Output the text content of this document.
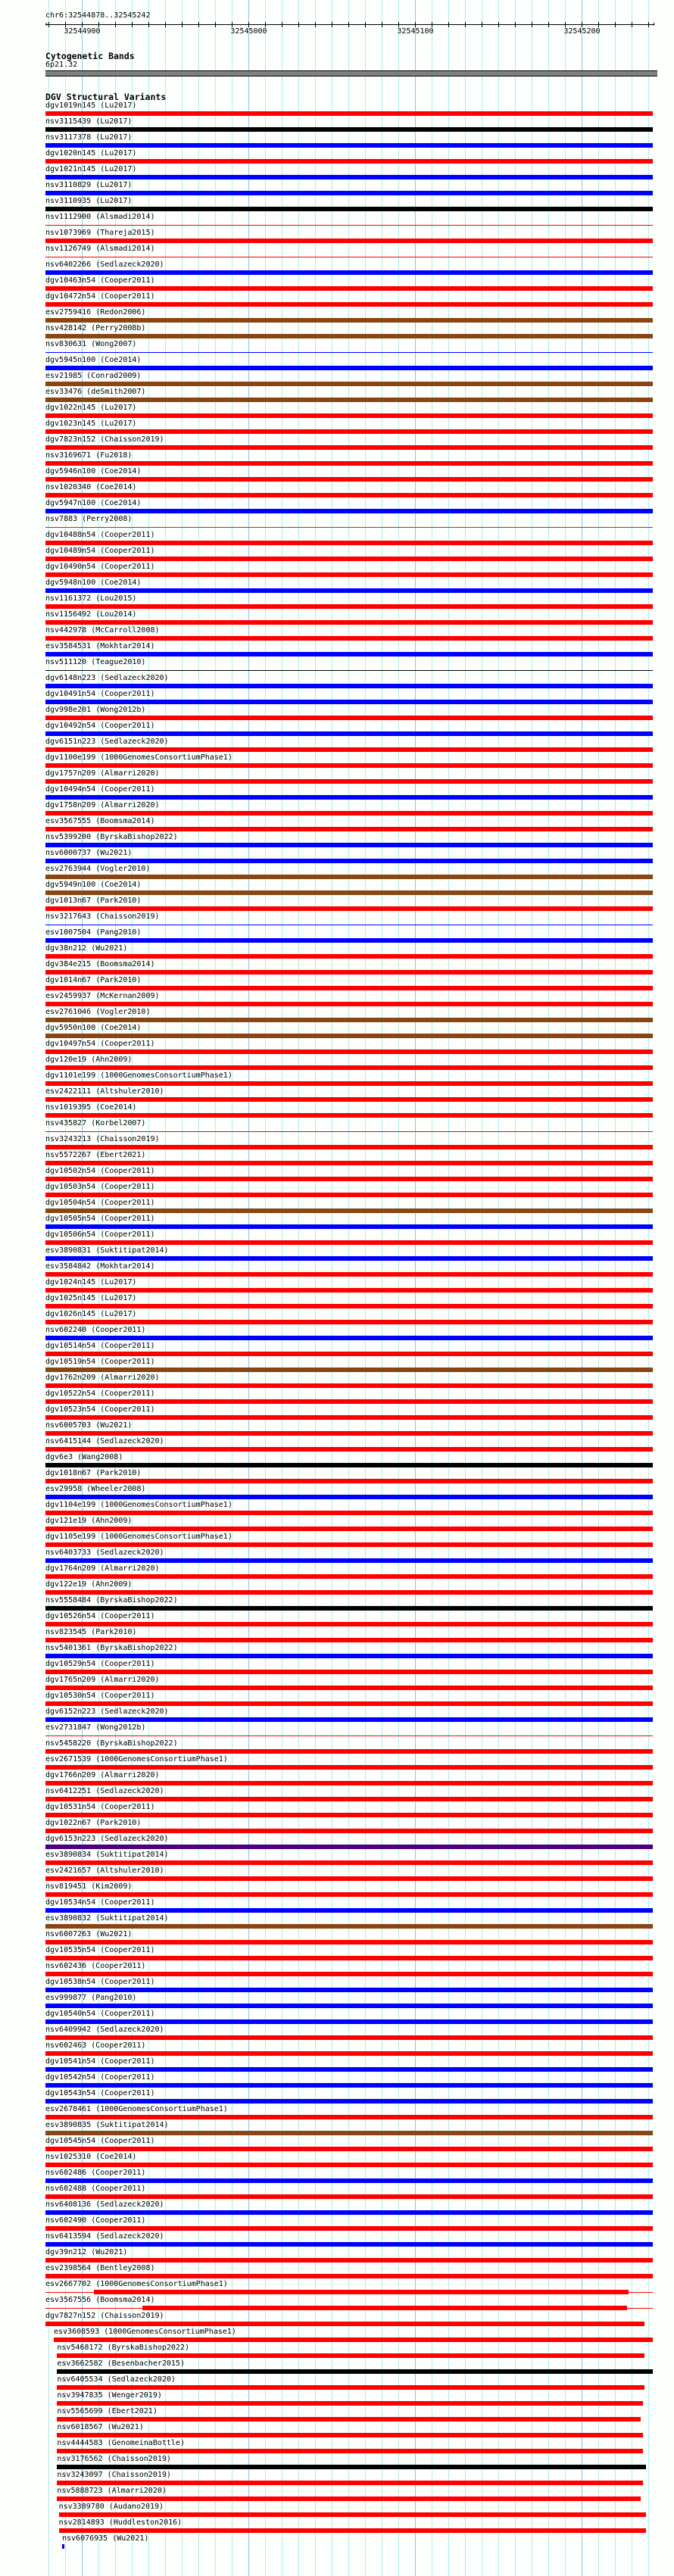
chr6:32544878..32545242
‹	›
32544900	32545000	32545100	32545200
Cytogenetic Bands
6p21.32
DGV Structural Variants
dgv1019n145 (Lu2017)
nsv3115439 (Lu2017)
nsv3117378 (Lu2017)
dgv1020n145 (Lu2017)
dgv1021n145 (Lu2017)
nsv3110829 (Lu2017)
nsv3110935 (Lu2017)
nsv1112900 (Alsmadi2014)
nsv1073969 (Thareja2015)
nsv1126749 (Alsmadi2014)
nsv6402266 (Sedlazeck2020)
dgv10463n54 (Cooper2011)
dgv10472n54 (Cooper2011)
esv2759416 (Redon2006)
nsv428142 (Perry2008b)
nsv830631 (Wong2007)
dgv5945n100 (Coe2014)
esv21985 (Conrad2009)
esv33476 (deSmith2007)
dgv1022n145 (Lu2017)
dgv1023n145 (Lu2017)
dgv7823n152 (Chaisson2019)
nsv3169671 (Fu2018)
dgv5946n100 (Coe2014)
nsv1020340 (Coe2014)
dgv5947n100 (Coe2014)
nsv7883 (Perry2008)
dgv10488n54 (Cooper2011)
dgv10489n54 (Cooper2011)
dgv10490n54 (Cooper2011)
dgv5948n100 (Coe2014)
nsv1161372 (Lou2015)
nsv1156492 (Lou2014)
nsv442978 (McCarroll2008)
esv3584531 (Mokhtar2014)
nsv511120 (Teague2010)
dgv6148n223 (Sedlazeck2020)
dgv10491n54 (Cooper2011)
dgv998e201 (Wong2012b)
dgv10492n54 (Cooper2011)
dgv6151n223 (Sedlazeck2020)
dgv1100e199 (1000GenomesConsortiumPhase1)
dgv1757n209 (Almarri2020)
dgv10494n54 (Cooper2011)
dgv1758n209 (Almarri2020)
esv3567555 (Boomsma2014)
nsv5399200 (ByrskaBishop2022)
nsv6000737 (Wu2021)
esv2763944 (Vogler2010)
dgv5949n100 (Coe2014)
dgv1013n67 (Park2010)
nsv3217643 (Chaisson2019)
esv1007504 (Pang2010)
dgv38n212 (Wu2021)
dgv384e215 (Boomsma2014)
dgv1014n67 (Park2010)
esv2459937 (McKernan2009)
esv2761046 (Vogler2010)
dgv5950n100 (Coe2014)
dgv10497n54 (Cooper2011)
dgv120e19 (Ahn2009)
dgv1101e199 (1000GenomesConsortiumPhase1)
esv2422111 (Altshuler2010)
nsv1019395 (Coe2014)
nsv435827 (Korbel2007)
nsv3243213 (Chaisson2019)
nsv5572267 (Ebert2021)
dgv10502n54 (Cooper2011)
dgv10503n54 (Cooper2011)
dgv10504n54 (Cooper2011)
dgv10505n54 (Cooper2011)
dgv10506n54 (Cooper2011)
esv3890831 (Suktitipat2014)
esv3584842 (Mokhtar2014)
dgv1024n145 (Lu2017)
dgv1025n145 (Lu2017)
dgv1026n145 (Lu2017)
nsv602240 (Cooper2011)
dgv10514n54 (Cooper2011)
dgv10519n54 (Cooper2011)
dgv1762n209 (Almarri2020)
dgv10522n54 (Cooper2011)
dgv10523n54 (Cooper2011)
nsv6005703 (Wu2021)
nsv6415144 (Sedlazeck2020)
dgv6e3 (Wang2008)
dgv1018n67 (Park2010)
esv29958 (Wheeler2008)
dgv1104e199 (1000GenomesConsortiumPhase1)
dgv121e19 (Ahn2009)
dgv1105e199 (1000GenomesConsortiumPhase1)
nsv6403733 (Sedlazeck2020)
dgv1764n209 (Almarri2020)
dgv122e19 (Ahn2009)
nsv5558484 (ByrskaBishop2022)
dgv10526n54 (Cooper2011)
nsv823545 (Park2010)
nsv5401361 (ByrskaBishop2022)
dgv10529n54 (Cooper2011)
dgv1765n209 (Almarri2020)
dgv10530n54 (Cooper2011)
dgv6152n223 (Sedlazeck2020)
esv2731847 (Wong2012b)
nsv5458220 (ByrskaBishop2022)
esv2671539 (1000GenomesConsortiumPhase1)
dgv1766n209 (Almarri2020)
nsv6412251 (Sedlazeck2020)
dgv10531n54 (Cooper2011)
dgv1022n67 (Park2010)
dgv6153n223 (Sedlazeck2020)
esv3890834 (Suktitipat2014)
esv2421657 (Altshuler2010)
nsv819451 (Kim2009)
dgv10534n54 (Cooper2011)
esv3890832 (Suktitipat2014)
nsv6007263 (Wu2021)
dgv10535n54 (Cooper2011)
nsv602436 (Cooper2011)
dgv10538n54 (Cooper2011)
esv999877 (Pang2010)
dgv10540n54 (Cooper2011)
nsv6409942 (Sedlazeck2020)
nsv602463 (Cooper2011)
dgv10541n54 (Cooper2011)
dgv10542n54 (Cooper2011)
dgv10543n54 (Cooper2011)
esv2678461 (1000GenomesConsortiumPhase1)
esv3890835 (Suktitipat2014)
dgv10545n54 (Cooper2011)
nsv1025310 (Coe2014)
nsv602486 (Cooper2011)
nsv602488 (Cooper2011)
nsv6408136 (Sedlazeck2020)
nsv602490 (Cooper2011)
nsv6413594 (Sedlazeck2020)
dgv39n212 (Wu2021)
esv2398564 (Bentley2008)
esv2667702 (1000GenomesConsortiumPhase1)
esv3567556 (Boomsma2014)
dgv7827n152 (Chaisson2019)
esv3608593 (1000GenomesConsortiumPhase1)
nsv5468172 (ByrskaBishop2022)
esv3662582 (Besenbacher2015)
nsv6405534 (Sedlazeck2020)
nsv3947835 (Wenger2019)
nsv5565699 (Ebert2021)
nsv6018567 (Wu2021)
nsv4444583 (GenomeinaBottle)
nsv3176562 (Chaisson2019)
nsv3243097 (Chaisson2019)
nsv5888723 (Almarri2020)
nsv3389780 (Audano2019)
nsv2814893 (Huddleston2016)
nsv6076935 (Wu2021)
